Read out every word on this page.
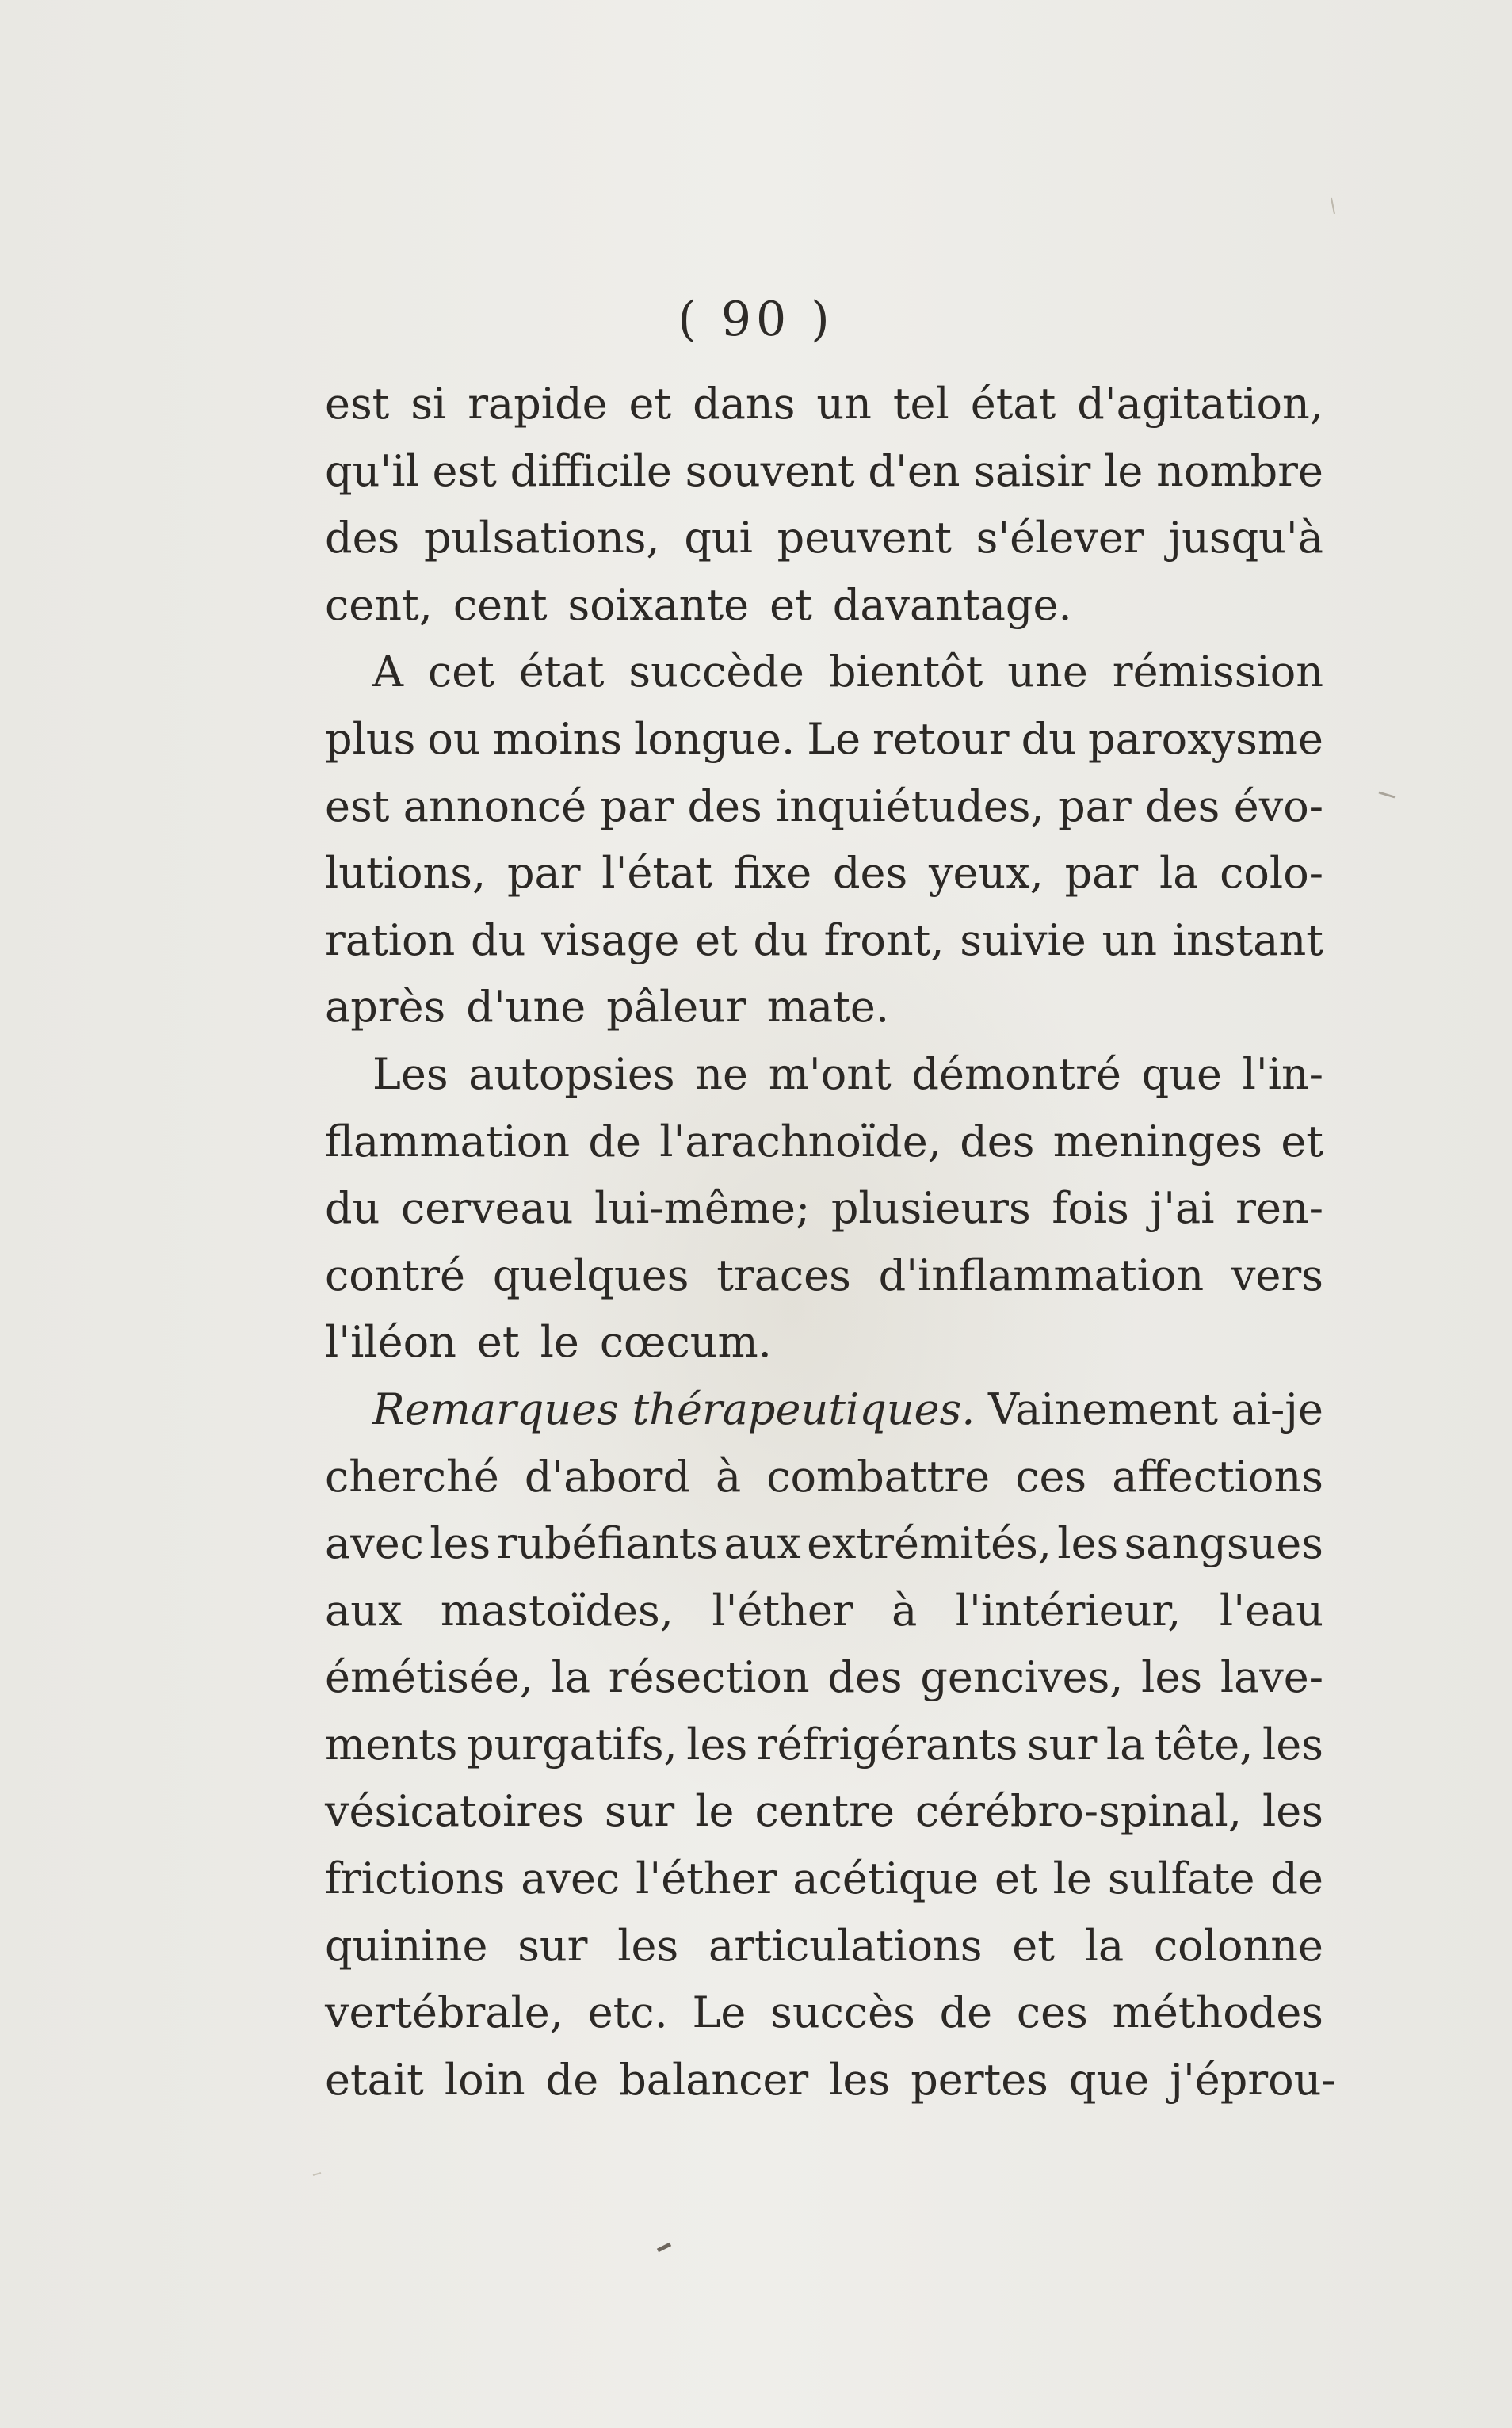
( 90 )
est si rapide et dans un tel état d'agitation,
qu'il est difficile souvent d'en saisir le nombre
des pulsations, qui peuvent s'élever jusqu'à
cent, cent soixante et davantage.
A cet état succède bientôt une rémission
plus ou moins longue. Le retour du paroxysme
est annoncé par des inquiétudes, par des évo-
lutions, par l'état fixe des yeux, par la colo-
ration du visage et du front, suivie un instant
après d'une pâleur mate.
Les autopsies ne m'ont démontré que l'in-
flammation de l'arachnoïde, des meninges et
du cerveau lui-même; plusieurs fois j'ai ren-
contré quelques traces d'inflammation vers
l'iléon et le cœcum.
Remarques thérapeutiques. Vainement ai-je
cherché d'abord à combattre ces affections
avec les rubéfiants aux extrémités, les sangsues
aux mastoïdes, l'éther à l'intérieur, l'eau
émétisée, la résection des gencives, les lave-
ments purgatifs, les réfrigérants sur la tête, les
vésicatoires sur le centre cérébro-spinal, les
frictions avec l'éther acétique et le sulfate de
quinine sur les articulations et la colonne
vertébrale, etc. Le succès de ces méthodes
etait loin de balancer les pertes que j'éprou-
